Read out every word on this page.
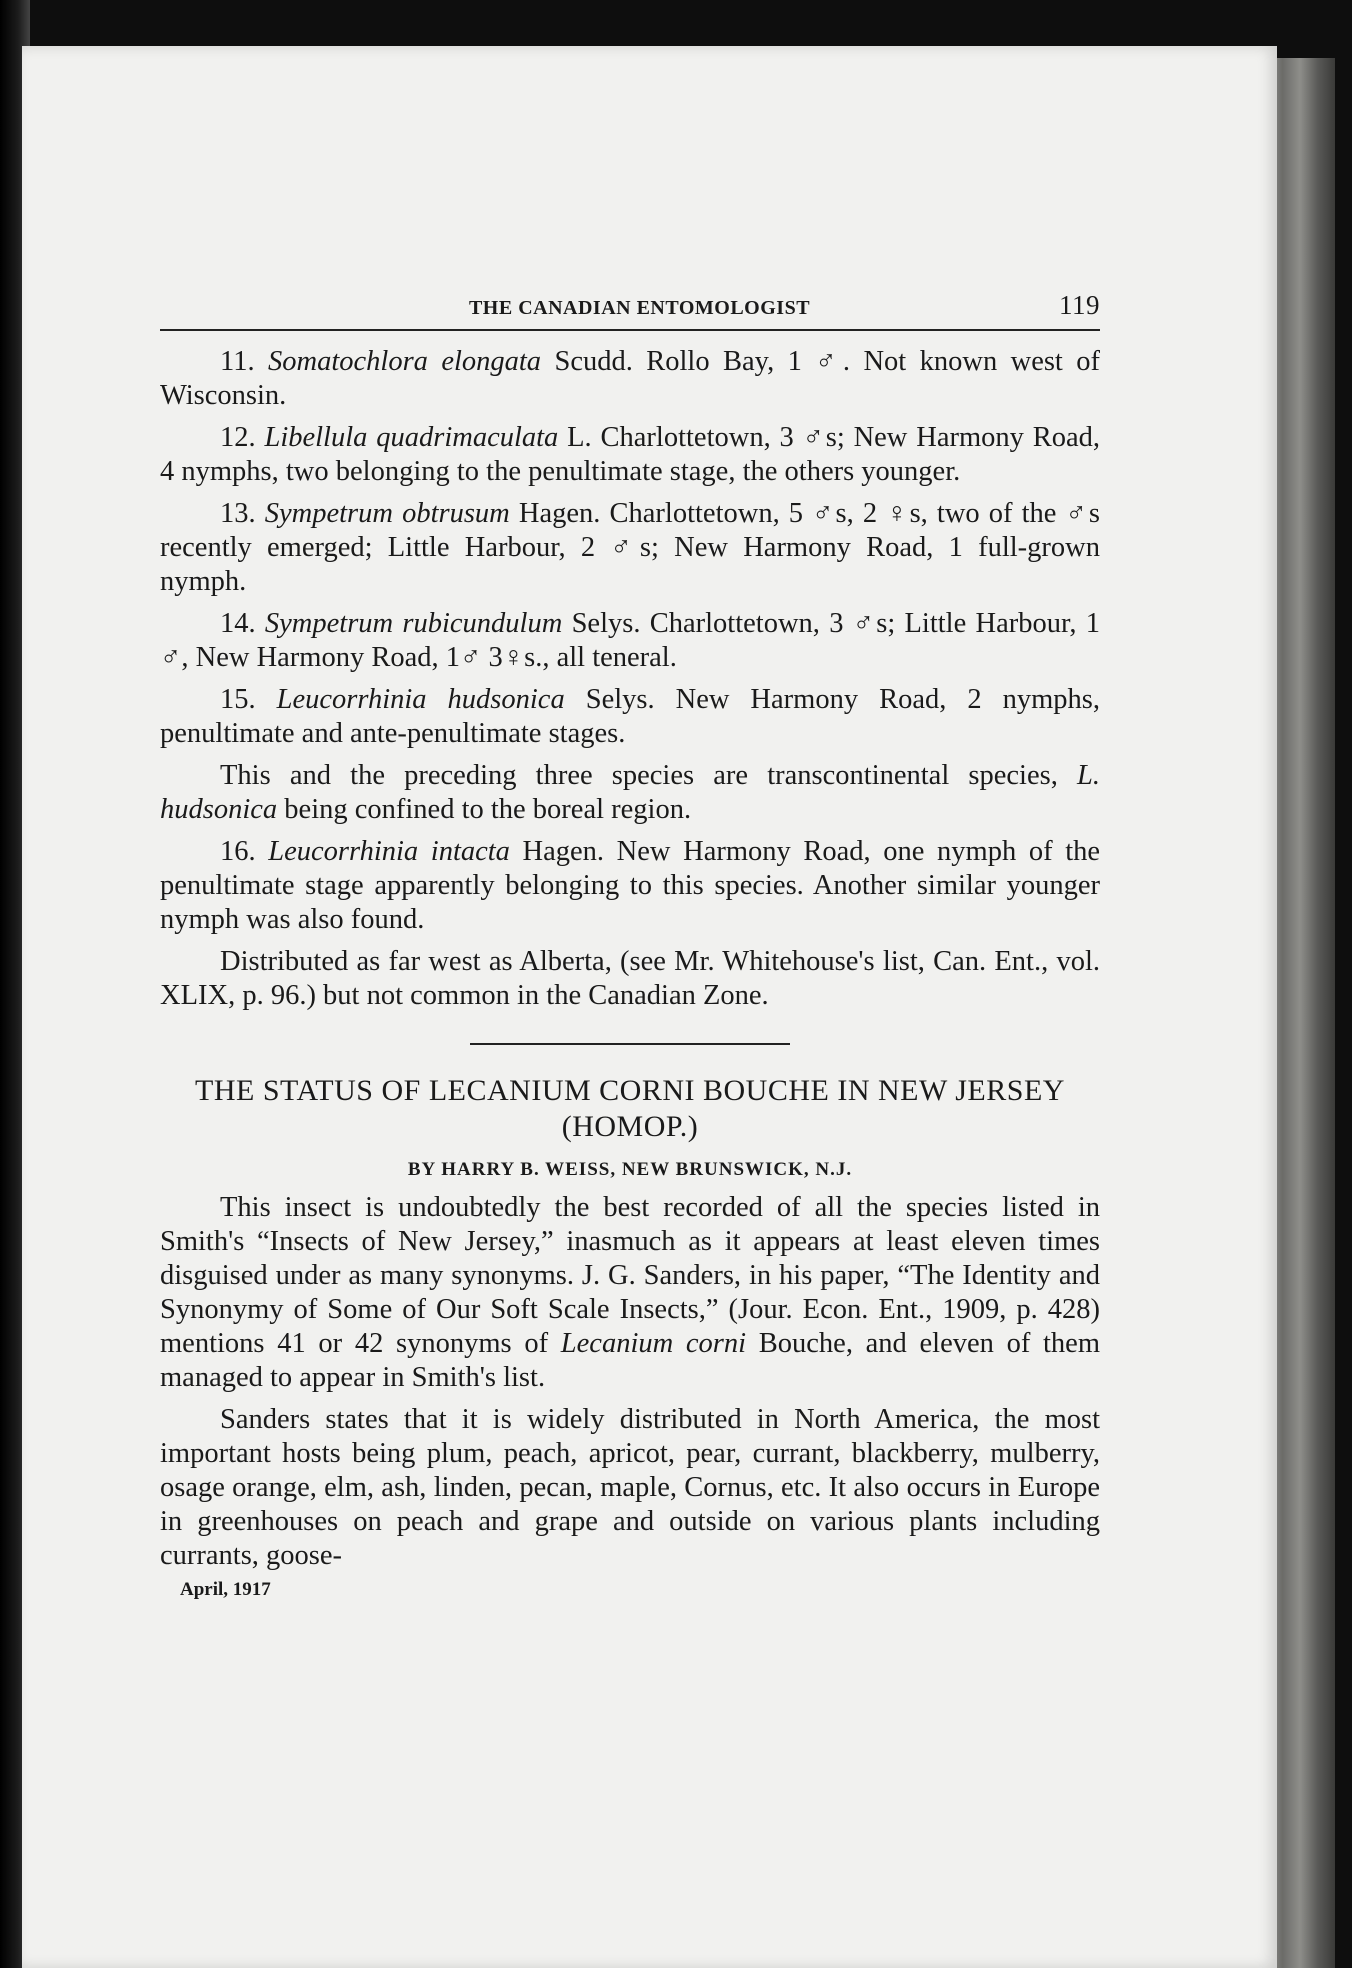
THE CANADIAN ENTOMOLOGIST	119

11. Somatochlora elongata Scudd. Rollo Bay, 1 ♂. Not known west of Wisconsin.

12. Libellula quadrimaculata L. Charlottetown, 3 ♂s; New Harmony Road, 4 nymphs, two belonging to the penultimate stage, the others younger.

13. Sympetrum obtrusum Hagen. Charlottetown, 5 ♂s, 2 ♀s, two of the ♂s recently emerged; Little Harbour, 2 ♂s; New Harmony Road, 1 full-grown nymph.

14. Sympetrum rubicundulum Selys. Charlottetown, 3 ♂s; Little Harbour, 1 ♂, New Harmony Road, 1♂ 3♀s., all teneral.

15. Leucorrhinia hudsonica Selys. New Harmony Road, 2 nymphs, penultimate and ante-penultimate stages.

This and the preceding three species are transcontinental species, L. hudsonica being confined to the boreal region.

16. Leucorrhinia intacta Hagen. New Harmony Road, one nymph of the penultimate stage apparently belonging to this species. Another similar younger nymph was also found.

Distributed as far west as Alberta, (see Mr. Whitehouse's list, Can. Ent., vol. XLIX, p. 96.) but not common in the Canadian Zone.

THE STATUS OF LECANIUM CORNI BOUCHE IN NEW JERSEY (HOMOP.)
BY HARRY B. WEISS, NEW BRUNSWICK, N.J.

This insect is undoubtedly the best recorded of all the species listed in Smith's “Insects of New Jersey,” inasmuch as it appears at least eleven times disguised under as many synonyms. J. G. Sanders, in his paper, “The Identity and Synonymy of Some of Our Soft Scale Insects,” (Jour. Econ. Ent., 1909, p. 428) mentions 41 or 42 synonyms of Lecanium corni Bouche, and eleven of them managed to appear in Smith's list.

Sanders states that it is widely distributed in North America, the most important hosts being plum, peach, apricot, pear, currant, blackberry, mulberry, osage orange, elm, ash, linden, pecan, maple, Cornus, etc. It also occurs in Europe in greenhouses on peach and grape and outside on various plants including currants, goose-

April, 1917
